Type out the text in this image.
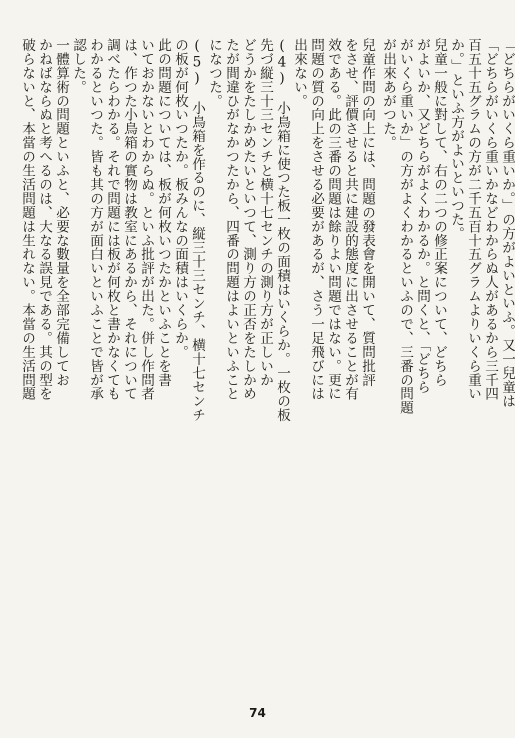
破らないと、本當の生活問題は生れない。本當の生活問題 かねばならぬと考へるのは、大なる誤見である。其の型を 一體算術の問題といふと、必要な數量を全部完備してお 認した。 わかるといつた。皆も其の方が面白いといふことで皆が承 調べたらわかる。それで問題には板が何枚と書かなくても は、作つた小鳥箱の實物は教室にあるから、それについて いておかないとわからぬ。といふ批評が出た。併し作問者 此の問題については、板が何枚いつたかといふことを書 の板が何枚いつたか。板みんなの面積はいくらか。 (5)　小鳥箱を作るのに、縦三十三センチ、横十七センチ になつた。 たが間違ひがなかつたから、四番の問題はよいといふこと どうかをたしかめたいといつて、測り方の正否をたしかめ 先づ縦三十三センチと横十七センチの測り方が正しいか (4)　小鳥箱に使つた板一枚の面積はいくらか。一枚の板 出來ない。 問題の質の向上をさせる必要があるが、さう一足飛びには 效である。此の三番の問題は餘りよい問題ではない。更に をさせ、評價させると共に建設的態度に出させることが有 兒童作問の向上には、問題の發表會を開いて、質問批評 が出來あがつた。 がいくら重いか」の方がよくわかるといふので、三番の問題 がよいか、又どちらがよくわかるか。と問くと、「どちら 兒童一般に對して、右の二つの修正案について、どちら か。」といふ方がよいといつた。 百五十五グラムの方が二千五百十五グラムよりいくら重い 「どちらがいくら重いかなどわからぬ人があるから三千四 「どちらがいくら重いか。」の方がよいといふ。又一兒童は
74
